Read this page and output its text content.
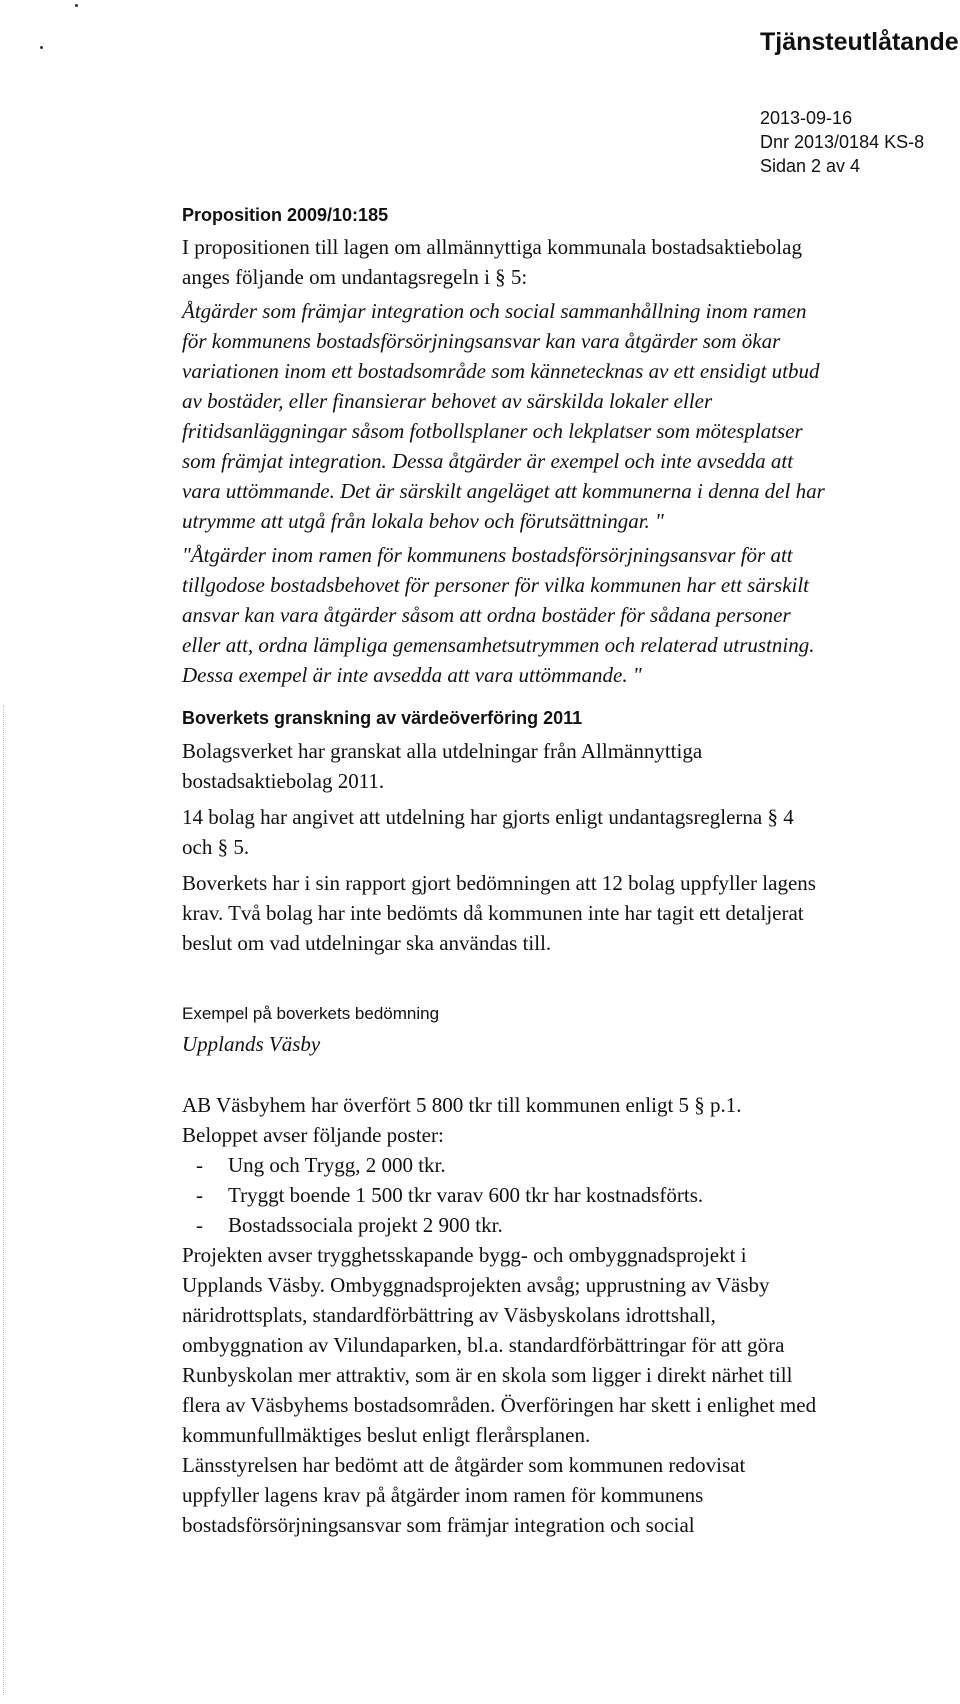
Tjänsteutlåtande
2013-09-16
Dnr 2013/0184 KS-8
Sidan 2 av 4
Proposition 2009/10:185
I propositionen till lagen om allmännyttiga kommunala bostadsaktiebolag
anges följande om undantagsregeln i § 5:
Åtgärder som främjar integration och social sammanhållning inom ramen
för kommunens bostadsförsörjningsansvar kan vara åtgärder som ökar
variationen inom ett bostadsområde som kännetecknas av ett ensidigt utbud
av bostäder, eller finansierar behovet av särskilda lokaler eller
fritidsanläggningar såsom fotbollsplaner och lekplatser som mötesplatser
som främjat integration. Dessa åtgärder är exempel och inte avsedda att
vara uttömmande. Det är särskilt angeläget att kommunerna i denna del har
utrymme att utgå från lokala behov och förutsättningar. "
"Åtgärder inom ramen för kommunens bostadsförsörjningsansvar för att
tillgodose bostadsbehovet för personer för vilka kommunen har ett särskilt
ansvar kan vara åtgärder såsom att ordna bostäder för sådana personer
eller att, ordna lämpliga gemensamhetsutrymmen och relaterad utrustning.
Dessa exempel är inte avsedda att vara uttömmande. "
Boverkets granskning av värdeöverföring 2011
Bolagsverket har granskat alla utdelningar från Allmännyttiga
bostadsaktiebolag 2011.
14 bolag har angivet att utdelning har gjorts enligt undantagsreglerna § 4
och § 5.
Boverkets har i sin rapport gjort bedömningen att 12 bolag uppfyller lagens
krav. Två bolag har inte bedömts då kommunen inte har tagit ett detaljerat
beslut om vad utdelningar ska användas till.
Exempel på boverkets bedömning
Upplands Väsby
AB Väsbyhem har överfört 5 800 tkr till kommunen enligt 5 § p.1.
Beloppet avser följande poster:
- Ung och Trygg, 2 000 tkr.
- Tryggt boende 1 500 tkr varav 600 tkr har kostnadsförts.
- Bostadssociala projekt 2 900 tkr.
Projekten avser trygghetsskapande bygg- och ombyggnadsprojekt i
Upplands Väsby. Ombyggnadsprojekten avsåg; upprustning av Väsby
näridrottsplats, standardförbättring av Väsbyskolans idrottshall,
ombyggnation av Vilundaparken, bl.a. standardförbättringar för att göra
Runbyskolan mer attraktiv, som är en skola som ligger i direkt närhet till
flera av Väsbyhems bostadsområden. Överföringen har skett i enlighet med
kommunfullmäktiges beslut enligt flerårsplanen.
Länsstyrelsen har bedömt att de åtgärder som kommunen redovisat
uppfyller lagens krav på åtgärder inom ramen för kommunens
bostadsförsörjningsansvar som främjar integration och social
